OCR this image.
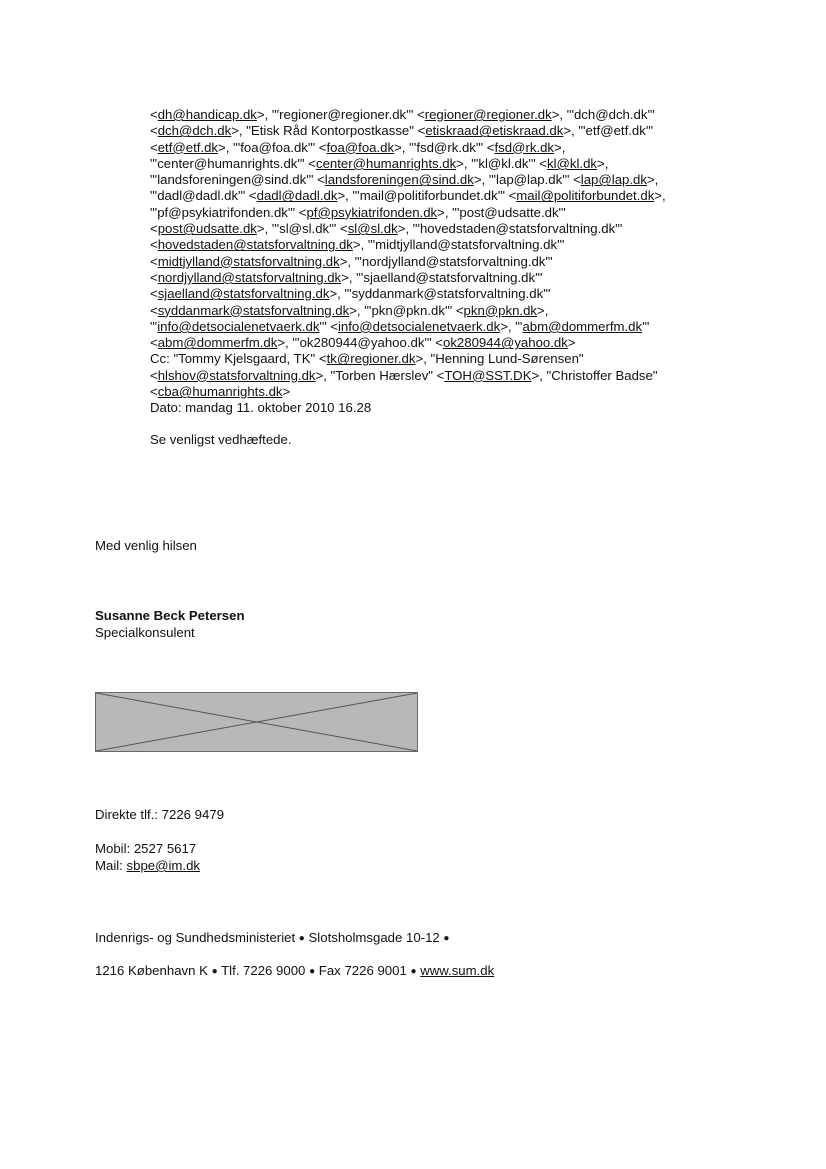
<dh@handicap.dk>, "'regioner@regioner.dk'" <regioner@regioner.dk>, "'dch@dch.dk'"
<dch@dch.dk>, "Etisk Råd Kontorpostkasse" <etiskraad@etiskraad.dk>, "'etf@etf.dk'"
<etf@etf.dk>, "'foa@foa.dk'" <foa@foa.dk>, "'fsd@rk.dk'" <fsd@rk.dk>,
"'center@humanrights.dk'" <center@humanrights.dk>, "'kl@kl.dk'" <kl@kl.dk>,
"'landsforeningen@sind.dk'" <landsforeningen@sind.dk>, "'lap@lap.dk'" <lap@lap.dk>,
"'dadl@dadl.dk'" <dadl@dadl.dk>, "'mail@politiforbundet.dk'" <mail@politiforbundet.dk>,
"'pf@psykiatrifonden.dk'" <pf@psykiatrifonden.dk>, "'post@udsatte.dk'"
<post@udsatte.dk>, "'sl@sl.dk'" <sl@sl.dk>, "'hovedstaden@statsforvaltning.dk'"
<hovedstaden@statsforvaltning.dk>, "'midtjylland@statsforvaltning.dk'"
<midtjylland@statsforvaltning.dk>, "'nordjylland@statsforvaltning.dk'"
<nordjylland@statsforvaltning.dk>, "'sjaelland@statsforvaltning.dk'"
<sjaelland@statsforvaltning.dk>, "'syddanmark@statsforvaltning.dk'"
<syddanmark@statsforvaltning.dk>, "'pkn@pkn.dk'" <pkn@pkn.dk>,
"'info@detsocialenetvaerk.dk'" <info@detsocialenetvaerk.dk>, "'abm@dommerfm.dk'"
<abm@dommerfm.dk>, "'ok280944@yahoo.dk'" <ok280944@yahoo.dk>
Cc: "Tommy Kjelsgaard, TK" <tk@regioner.dk>, "Henning Lund-Sørensen"
<hlshov@statsforvaltning.dk>, "Torben Hærslev" <TOH@SST.DK>, "Christoffer Badse"
<cba@humanrights.dk>
Dato: mandag 11. oktober 2010 16.28
Se venligst vedhæftede.
Med venlig hilsen
Susanne Beck Petersen
Specialkonsulent
Direkte tlf.: 7226 9479
Mobil: 2527 5617
Mail: sbpe@im.dk
Indenrigs- og Sundhedsministeriet ● Slotsholmsgade 10-12 ●
1216 København K ● Tlf. 7226 9000 ● Fax 7226 9001 ● www.sum.dk
